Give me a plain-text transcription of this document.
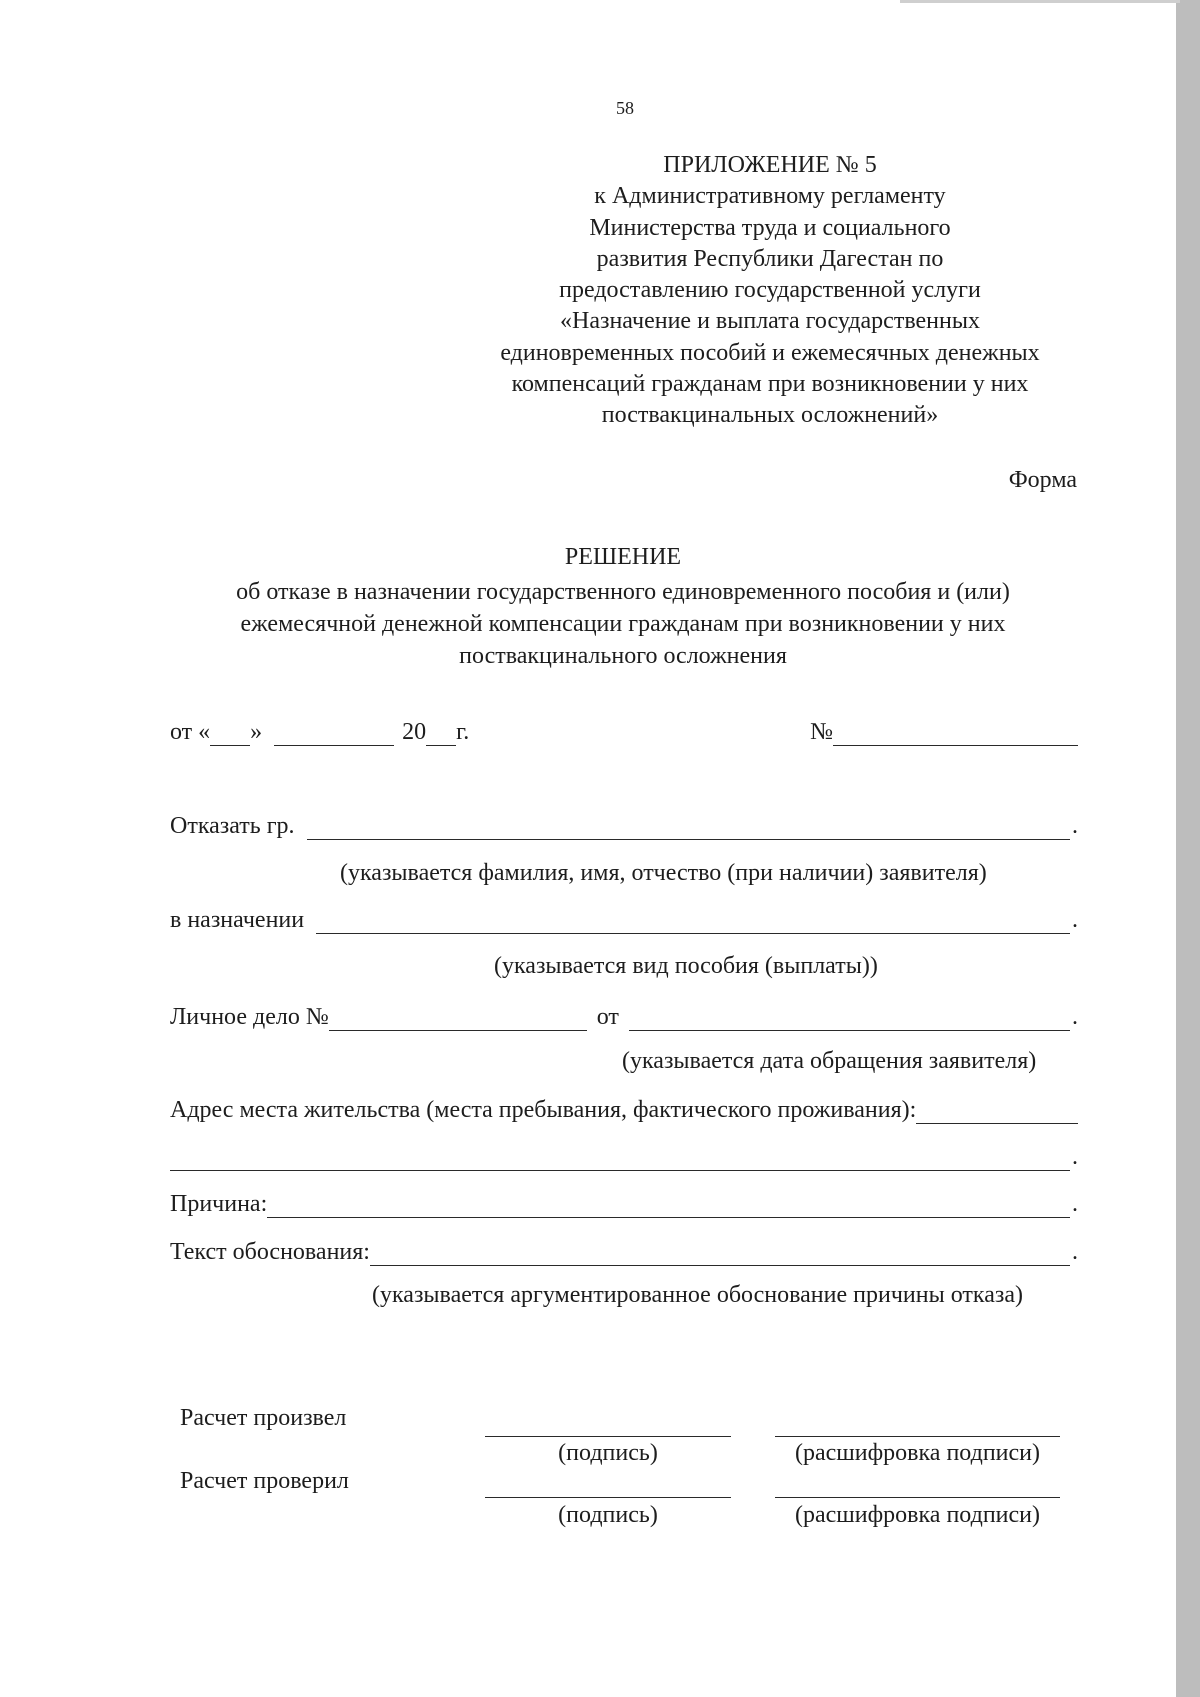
58
ПРИЛОЖЕНИЕ № 5
к Административному регламенту
Министерства труда и социального
развития Республики Дагестан по
предоставлению государственной услуги
«Назначение и выплата государственных
единовременных пособий и ежемесячных денежных
компенсаций гражданам при возникновении у них
поствакцинальных осложнений»
Форма
РЕШЕНИЕ
об отказе в назначении государственного единовременного пособия и (или)
ежемесячной денежной компенсации гражданам при возникновении у них
поствакцинального осложнения
от « »	20 г.	№
Отказать гр.	.
(указывается фамилия, имя, отчество (при наличии) заявителя)
в назначении	.
(указывается вид пособия (выплаты))
Личное дело №	от	.
(указывается дата обращения заявителя)
Адрес места жительства (места пребывания, фактического проживания):
.
Причина:	.
Текст обоснования:	.
(указывается аргументированное обоснование причины отказа)
Расчет произвел
(подпись)	(расшифровка подписи)
Расчет проверил
(подпись)	(расшифровка подписи)
